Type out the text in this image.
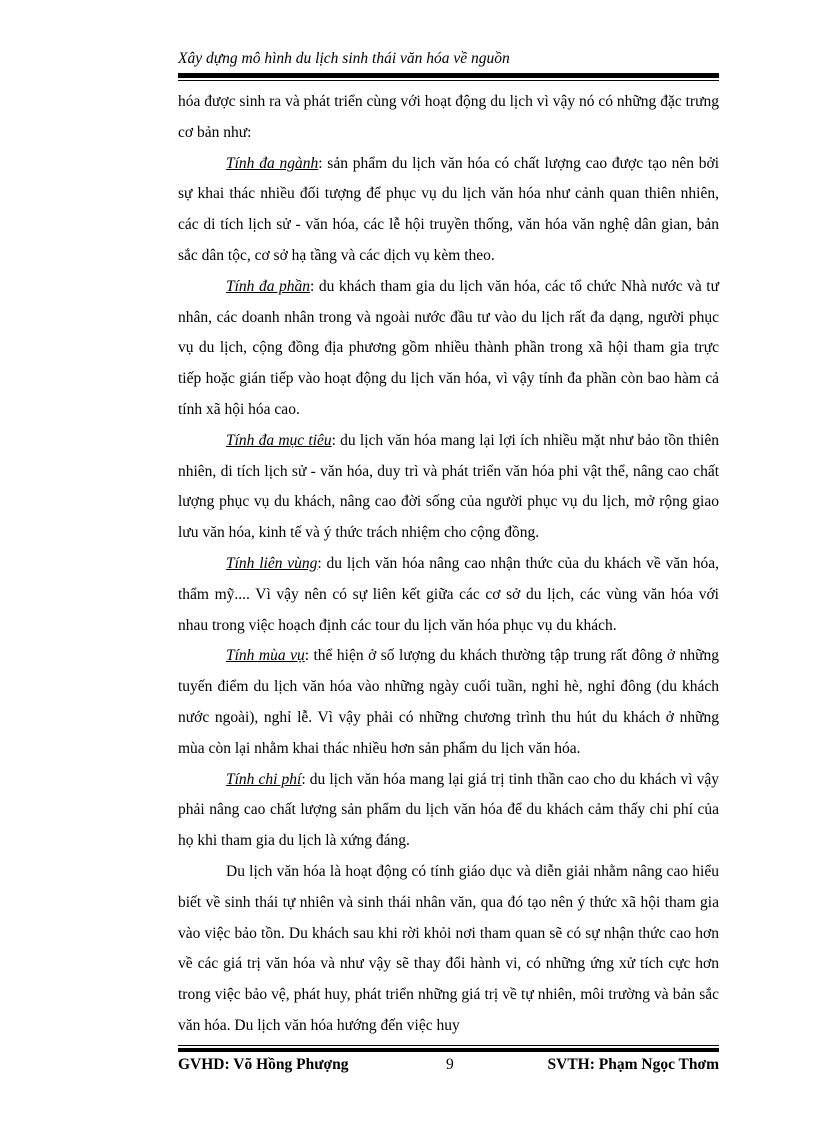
Xây dựng mô hình du lịch sinh thái văn hóa về nguồn

hóa được sinh ra và phát triển cùng với hoạt động du lịch vì vậy nó có những đặc trưng cơ bản như:

Tính đa ngành: sản phẩm du lịch văn hóa có chất lượng cao được tạo nên bởi sự khai thác nhiều đối tượng để phục vụ du lịch văn hóa như cảnh quan thiên nhiên, các di tích lịch sử - văn hóa, các lễ hội truyền thống, văn hóa văn nghệ dân gian, bản sắc dân tộc, cơ sở hạ tầng và các dịch vụ kèm theo.

Tính đa phần: du khách tham gia du lịch văn hóa, các tổ chức Nhà nước và tư nhân, các doanh nhân trong và ngoài nước đầu tư vào du lịch rất đa dạng, người phục vụ du lịch, cộng đồng địa phương gồm nhiều thành phần trong xã hội tham gia trực tiếp hoặc gián tiếp vào hoạt động du lịch văn hóa, vì vậy tính đa phần còn bao hàm cả tính xã hội hóa cao.

Tính đa mục tiêu: du lịch văn hóa mang lại lợi ích nhiều mặt như bảo tồn thiên nhiên, di tích lịch sử - văn hóa, duy trì và phát triển văn hóa phi vật thể, nâng cao chất lượng phục vụ du khách, nâng cao đời sống của người phục vụ du lịch, mở rộng giao lưu văn hóa, kinh tế và ý thức trách nhiệm cho cộng đồng.

Tính liên vùng: du lịch văn hóa nâng cao nhận thức của du khách về văn hóa, thẩm mỹ.... Vì vậy nên có sự liên kết giữa các cơ sở du lịch, các vùng văn hóa với nhau trong việc hoạch định các tour du lịch văn hóa phục vụ du khách.

Tính mùa vụ: thể hiện ở số lượng du khách thường tập trung rất đông ở những tuyến điểm du lịch văn hóa vào những ngày cuối tuần, nghỉ hè, nghỉ đông (du khách nước ngoài), nghỉ lễ. Vì vậy phải có những chương trình thu hút du khách ở những mùa còn lại nhằm khai thác nhiều hơn sản phẩm du lịch văn hóa.

Tính chi phí: du lịch văn hóa mang lại giá trị tinh thần cao cho du khách vì vậy phải nâng cao chất lượng sản phẩm du lịch văn hóa để du khách cảm thấy chi phí của họ khi tham gia du lịch là xứng đáng.

Du lịch văn hóa là hoạt động có tính giáo dục và diễn giải nhằm nâng cao hiểu biết về sinh thái tự nhiên và sinh thái nhân văn, qua đó tạo nên ý thức xã hội tham gia vào việc bảo tồn. Du khách sau khi rời khỏi nơi tham quan sẽ có sự nhận thức cao hơn về các giá trị văn hóa và như vậy sẽ thay đổi hành vi, có những ứng xử tích cực hơn trong việc bảo vệ, phát huy, phát triển những giá trị về tự nhiên, môi trường và bản sắc văn hóa. Du lịch văn hóa hướng đến việc huy

GVHD: Võ Hồng Phượng	9	SVTH: Phạm Ngọc Thơm
